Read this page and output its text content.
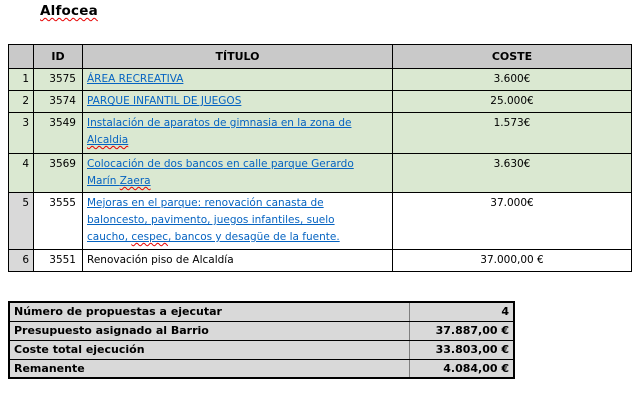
Alfocea
	ID	TÍTULO	COSTE
1	3575	ÁREA RECREATIVA	3.600€
2	3574	PARQUE INFANTIL DE JUEGOS	25.000€
3	3549	Instalación de aparatos de gimnasia en la zona de
Alcaldia	1.573€
4	3569	Colocación de dos bancos en calle parque Gerardo
Marín Zaera	3.630€
5	3555	Mejoras en el parque: renovación canasta de
baloncesto, pavimento, juegos infantiles, suelo
caucho, cespec, bancos y desagüe de la fuente.	37.000€
6	3551	Renovación piso de Alcaldía	37.000,00 €
Número de propuestas a ejecutar	4
Presupuesto asignado al Barrio	37.887,00 €
Coste total ejecución	33.803,00 €
Remanente	4.084,00 €
